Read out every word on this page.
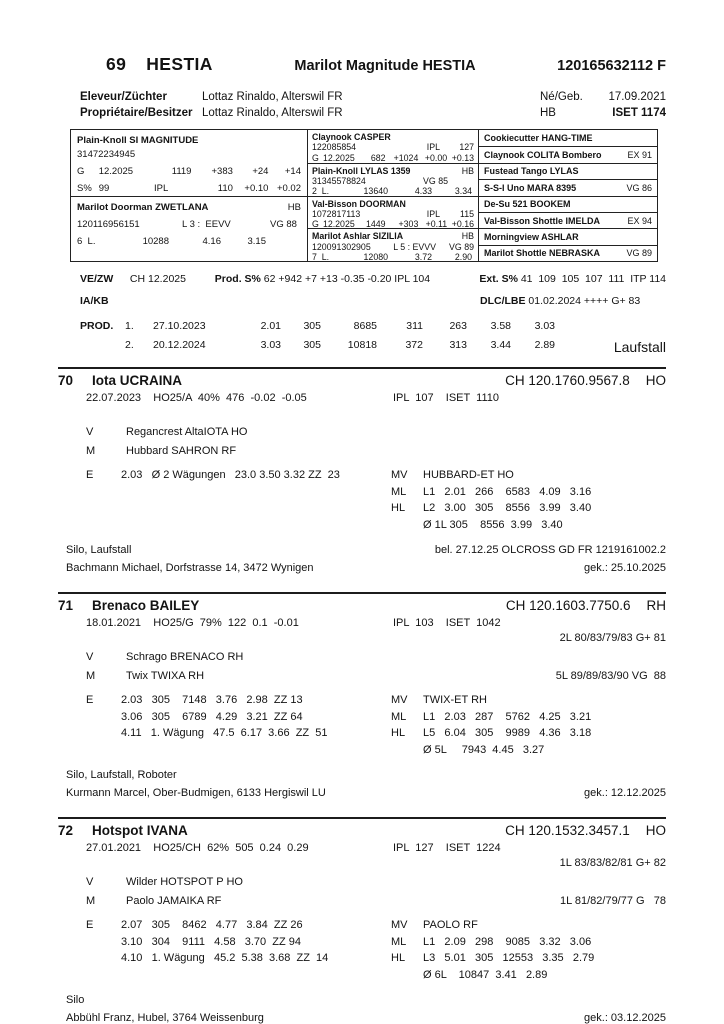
69 HESTIA	Marilot Magnitude HESTIA	120165632112 F
Eleveur/Züchter	Lottaz Rinaldo, Alterswil FR
Propriétaire/Besitzer Lottaz Rinaldo, Alterswil FR
Né/Geb. 17.09.2021
HB	ISET 1174
Plain-Knoll SI MAGNITUDE
31472234945
G	12.2025	1119	+383	+24	+14
S% 99	IPL	110	+0.10 +0.02
Marilot Doorman ZWETLANA	HB
120116956151	L 3 :  EEVV	VG 88
6  L.	10288	4.16	3.15
Claynook CASPER
122085854	IPL	127
G 12.2025	682 +1024 +0.00 +0.13
Plain-Knoll LYLAS 1359	HB
31345578824	VG 85
2  L.	13640	4.33	3.34
Val-Bisson DOORMAN
1072817113	IPL	115
G 12.2025	1449	+303 +0.11 +0.16
Marilot Ashlar SIZILIA	HB
120091302905	L 5 : EVVV	VG 89
7  L.	12080	3.72	2.90
Cookiecutter HANG-TIME
Claynook COLITA Bombero	EX 91
Fustead Tango LYLAS
S-S-I Uno MARA 8395	VG 86
De-Su 521 BOOKEM
Val-Bisson Shottle IMELDA	EX 94
Morningview ASHLAR
Marilot Shottle NEBRASKA	VG 89
VE/ZW	CH 12.2025	Prod. S% 62 +942 +7 +13 -0.35 -0.20 IPL 104	Ext. S% 41  109  105  107  111  ITP 114
IA/KB	DLC/LBE 01.02.2024 ++++ G+ 83
PROD.	1.	27.10.2023	2.01	305	8685	311	263	3.58	3.03
2.	20.12.2024	3.03	305	10818	372	313	3.44	2.89	Laufstall
70	Iota UCRAINA	CH 120.1760.9567.8 HO
22.07.2023    HO25/A  40%  476  -0.02  -0.05	IPL  107    ISET  1110
V	Regancrest AltaIOTA HO
M	Hubbard SAHRON RF
E	2.03   Ø 2 Wägungen   23.0 3.50 3.32 ZZ  23	MV	HUBBARD-ET HO
ML	L1   2.01   266    6583   4.09   3.16
HL	L2   3.00   305    8556   3.99   3.40
Ø 1L 305    8556  3.99   3.40
Silo, Laufstall	bel. 27.12.25 OLCROSS GD FR 1219161002.2
Bachmann Michael, Dorfstrasse 14, 3472 Wynigen	gek.: 25.10.2025
71	Brenaco BAILEY	CH 120.1603.7750.6 RH
18.01.2021    HO25/G  79%  122  0.1  -0.01	IPL  103    ISET  1042
2L 80/83/79/83 G+ 81
V	Schrago BRENACO RH
M	Twix TWIXA RH	5L 89/89/83/90 VG  88
E	2.03   305    7148   3.76   2.98  ZZ 13
3.06   305    6789   4.29   3.21  ZZ 64
4.11   1. Wägung   47.5  6.17  3.66  ZZ  51
MV	TWIX-ET RH
ML	L1   2.03   287    5762   4.25   3.21
HL	L5   6.04   305    9989   4.36   3.18
Ø 5L     7943  4.45   3.27
Silo, Laufstall, Roboter
Kurmann Marcel, Ober-Budmigen, 6133 Hergiswil LU	gek.: 12.12.2025
72	Hotspot IVANA	CH 120.1532.3457.1 HO
27.01.2021    HO25/CH  62%  505  0.24  0.29	IPL  127    ISET  1224
1L 83/83/82/81 G+ 82
V	Wilder HOTSPOT P HO
M	Paolo JAMAIKA RF	1L 81/82/79/77 G   78
E	2.07   305    8462   4.77   3.84  ZZ 26
3.10   304    9111   4.58   3.70  ZZ 94
4.10   1. Wägung   45.2  5.38  3.68  ZZ  14
MV	PAOLO RF
ML	L1   2.09   298    9085   3.32   3.06
HL	L3   5.01   305   12553   3.35   2.79
Ø 6L    10847  3.41   2.89
Silo
Abbühl Franz, Hubel, 3764 Weissenburg	gek.: 03.12.2025
